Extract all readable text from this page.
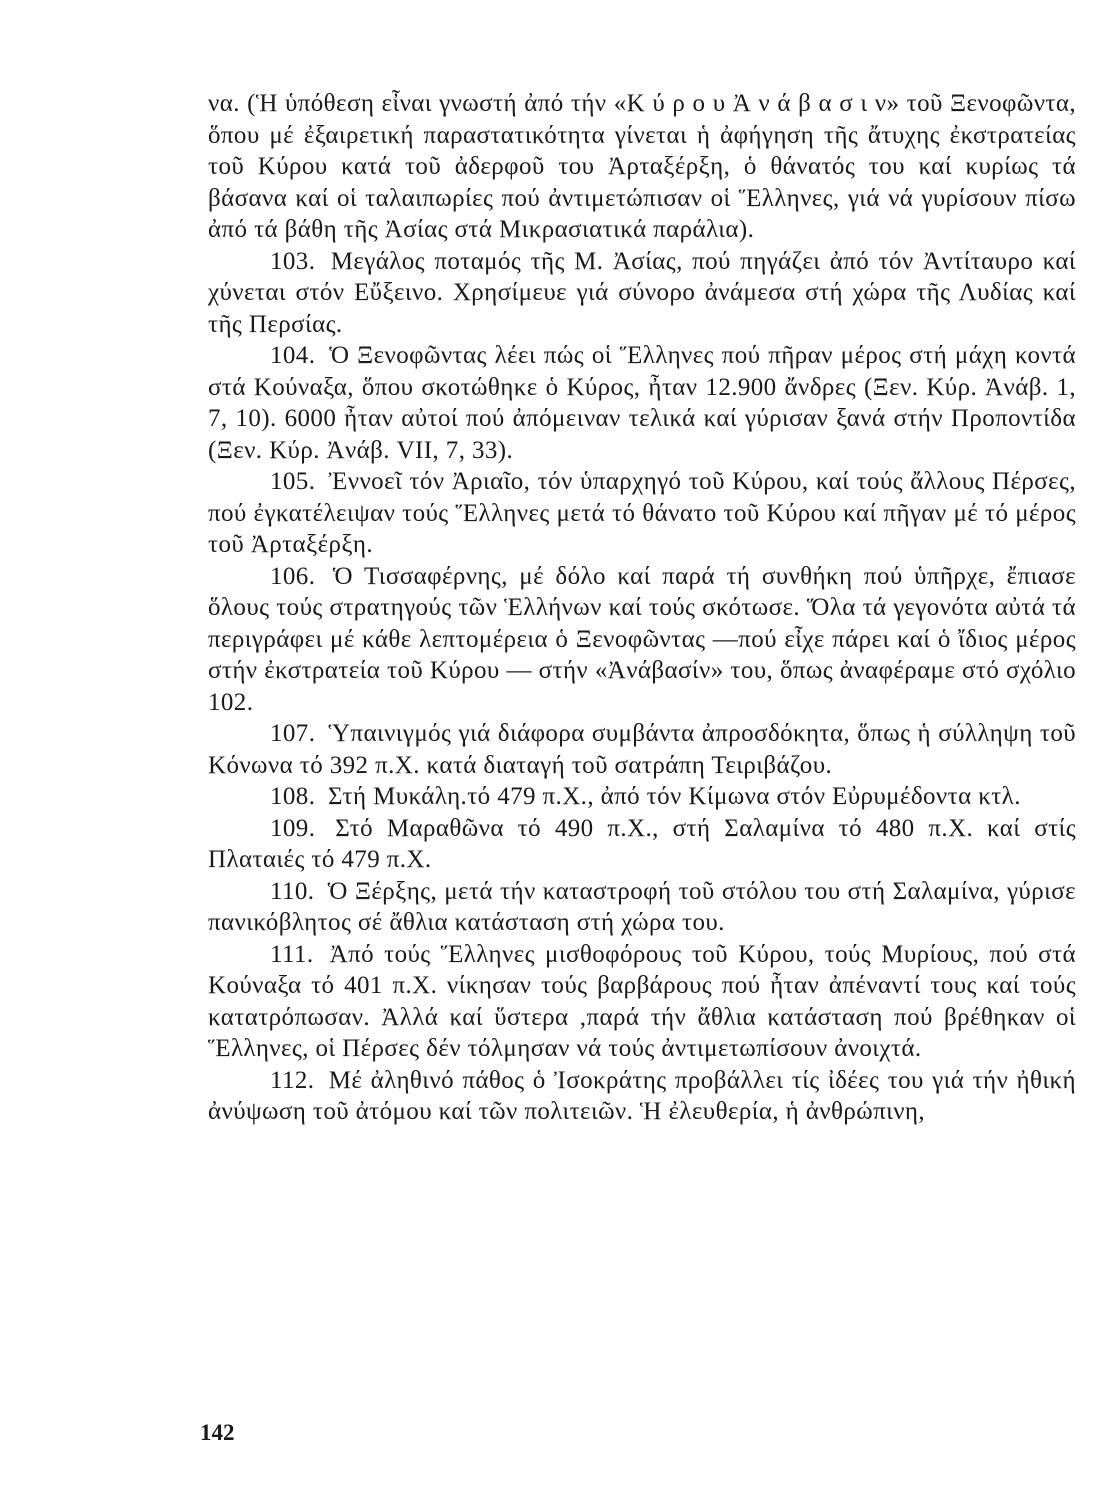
να. (Ἡ ὑπόθεση εἶναι γνωστή ἀπό τήν «Κ ύ ρ ο υ Ἀ ν ά β α σ ι ν» τοῦ Ξενοφῶντα, ὅπου μέ ἐξαιρετική παραστατικότητα γίνεται ἡ ἀφήγηση τῆς ἄτυχης ἐκστρατείας τοῦ Κύρου κατά τοῦ ἀδερφοῦ του Ἀρταξέρξη, ὁ θάνατός του καί κυρίως τά βάσανα καί οἱ ταλαιπωρίες πού ἀντιμετώπισαν οἱ Ἕλληνες, γιά νά γυρίσουν πίσω ἀπό τά βάθη τῆς Ἀσίας στά Μικρασιατικά παράλια).

103. Μεγάλος ποταμός τῆς Μ. Ἀσίας, πού πηγάζει ἀπό τόν Ἀντίταυρο καί χύνεται στόν Εὔξεινο. Χρησίμευε γιά σύνορο ἀνάμεσα στή χώρα τῆς Λυδίας καί τῆς Περσίας.

104. Ὁ Ξενοφῶντας λέει πώς οἱ Ἕλληνες πού πῆραν μέρος στή μάχη κοντά στά Κούναξα, ὅπου σκοτώθηκε ὁ Κύρος, ἦταν 12.900 ἄνδρες (Ξεν. Κύρ. Ἀνάβ. 1, 7, 10). 6000 ἦταν αὐτοί πού ἀπόμειναν τελικά καί γύρισαν ξανά στήν Προποντίδα (Ξεν. Κύρ. Ἀνάβ. VII, 7, 33).

105. Ἐννοεῖ τόν Ἀριαῖο, τόν ὑπαρχηγό τοῦ Κύρου, καί τούς ἄλλους Πέρσες, πού ἐγκατέλειψαν τούς Ἕλληνες μετά τό θάνατο τοῦ Κύρου καί πῆγαν μέ τό μέρος τοῦ Ἀρταξέρξη.

106. Ὁ Τισσαφέρνης, μέ δόλο καί παρά τή συνθήκη πού ὑπῆρχε, ἔπιασε ὅλους τούς στρατηγούς τῶν Ἑλλήνων καί τούς σκότωσε. Ὅλα τά γεγονότα αὐτά τά περιγράφει μέ κάθε λεπτομέρεια ὁ Ξενοφῶντας —πού εἶχε πάρει καί ὁ ἴδιος μέρος στήν ἐκστρατεία τοῦ Κύρου — στήν «Ἀνάβασίν» του, ὅπως ἀναφέραμε στό σχόλιο 102.

107. Ὑπαινιγμός γιά διάφορα συμβάντα ἀπροσδόκητα, ὅπως ἡ σύλληψη τοῦ Κόνωνα τό 392 π.Χ. κατά διαταγή τοῦ σατράπη Τειριβάζου.

108. Στή Μυκάλη.τό 479 π.Χ., ἀπό τόν Κίμωνα στόν Εὐρυμέδοντα κτλ.

109. Στό Μαραθῶνα τό 490 π.Χ., στή Σαλαμίνα τό 480 π.Χ. καί στίς Πλαταιές τό 479 π.Χ.

110. Ὁ Ξέρξης, μετά τήν καταστροφή τοῦ στόλου του στή Σαλαμίνα, γύρισε πανικόβλητος σέ ἄθλια κατάσταση στή χώρα του.

111. Ἀπό τούς Ἕλληνες μισθοφόρους τοῦ Κύρου, τούς Μυρίους, πού στά Κούναξα τό 401 π.Χ. νίκησαν τούς βαρβάρους πού ἦταν ἀπέναντί τους καί τούς κατατρόπωσαν. Ἀλλά καί ὕστερα ,παρά τήν ἄθλια κατάσταση πού βρέθηκαν οἱ Ἕλληνες, οἱ Πέρσες δέν τόλμησαν νά τούς ἀντιμετωπίσουν ἀνοιχτά.

112. Μέ ἀληθινό πάθος ὁ Ἰσοκράτης προβάλλει τίς ἰδέες του γιά τήν ἠθική ἀνύψωση τοῦ ἀτόμου καί τῶν πολιτειῶν. Ἡ ἐλευθερία, ἡ ἀνθρώπινη,

142
